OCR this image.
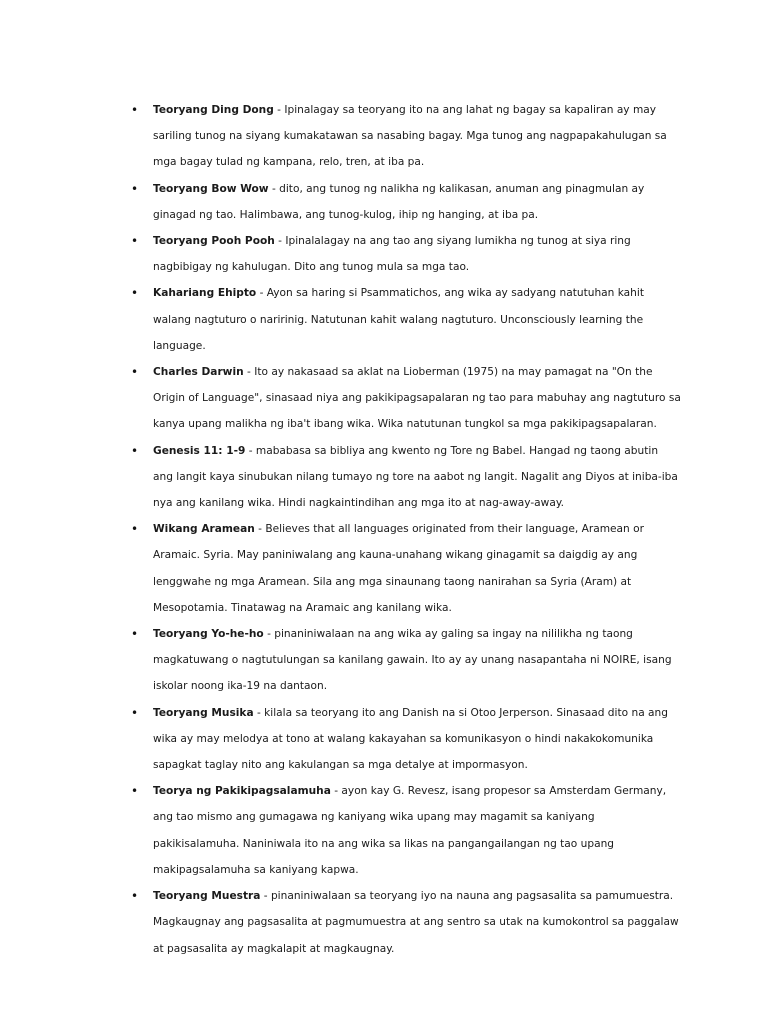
• Teoryang Ding Dong - Ipinalagay sa teoryang ito na ang lahat ng bagay sa kapaliran ay may sariling tunog na siyang kumakatawan sa nasabing bagay. Mga tunog ang nagpapakahulugan sa mga bagay tulad ng kampana, relo, tren, at iba pa.
• Teoryang Bow Wow - dito, ang tunog ng nalikha ng kalikasan, anuman ang pinagmulan ay ginagad ng tao. Halimbawa, ang tunog-kulog, ihip ng hanging, at iba pa.
• Teoryang Pooh Pooh - Ipinalalagay na ang tao ang siyang lumikha ng tunog at siya ring nagbibigay ng kahulugan. Dito ang tunog mula sa mga tao.
• Kahariang Ehipto - Ayon sa haring si Psammatichos, ang wika ay sadyang natutuhan kahit walang nagtuturo o naririnig. Natutunan kahit walang nagtuturo. Unconsciously learning the language.
• Charles Darwin - Ito ay nakasaad sa aklat na Lioberman (1975) na may pamagat na "On the Origin of Language", sinasaad niya ang pakikipagsapalaran ng tao para mabuhay ang nagtuturo sa kanya upang malikha ng iba't ibang wika. Wika natutunan tungkol sa mga pakikipagsapalaran.
• Genesis 11: 1-9 - mababasa sa bibliya ang kwento ng Tore ng Babel. Hangad ng taong abutin ang langit kaya sinubukan nilang tumayo ng tore na aabot ng langit. Nagalit ang Diyos at iniba-iba nya ang kanilang wika. Hindi nagkaintindihan ang mga ito at nag-away-away.
• Wikang Aramean - Believes that all languages originated from their language, Aramean or Aramaic. Syria. May paniniwalang ang kauna-unahang wikang ginagamit sa daigdig ay ang lenggwahe ng mga Aramean. Sila ang mga sinaunang taong nanirahan sa Syria (Aram) at Mesopotamia. Tinatawag na Aramaic ang kanilang wika.
• Teoryang Yo-he-ho - pinaniniwalaan na ang wika ay galing sa ingay na nililikha ng taong magkatuwang o nagtutulungan sa kanilang gawain. Ito ay ay unang nasapantaha ni NOIRE, isang iskolar noong ika-19 na dantaon.
• Teoryang Musika - kilala sa teoryang ito ang Danish na si Otoo Jerperson. Sinasaad dito na ang wika ay may melodya at tono at walang kakayahan sa komunikasyon o hindi nakakokomunika sapagkat taglay nito ang kakulangan sa mga detalye at impormasyon.
• Teorya ng Pakikipagsalamuha - ayon kay G. Revesz, isang propesor sa Amsterdam Germany, ang tao mismo ang gumagawa ng kaniyang wika upang may magamit sa kaniyang pakikisalamuha. Naniniwala ito na ang wika sa likas na pangangailangan ng tao upang makipagsalamuha sa kaniyang kapwa.
• Teoryang Muestra - pinaniniwalaan sa teoryang iyo na nauna ang pagsasalita sa pamumuestra. Magkaugnay ang pagsasalita at pagmumuestra at ang sentro sa utak na kumokontrol sa paggalaw at pagsasalita ay magkalapit at magkaugnay.
